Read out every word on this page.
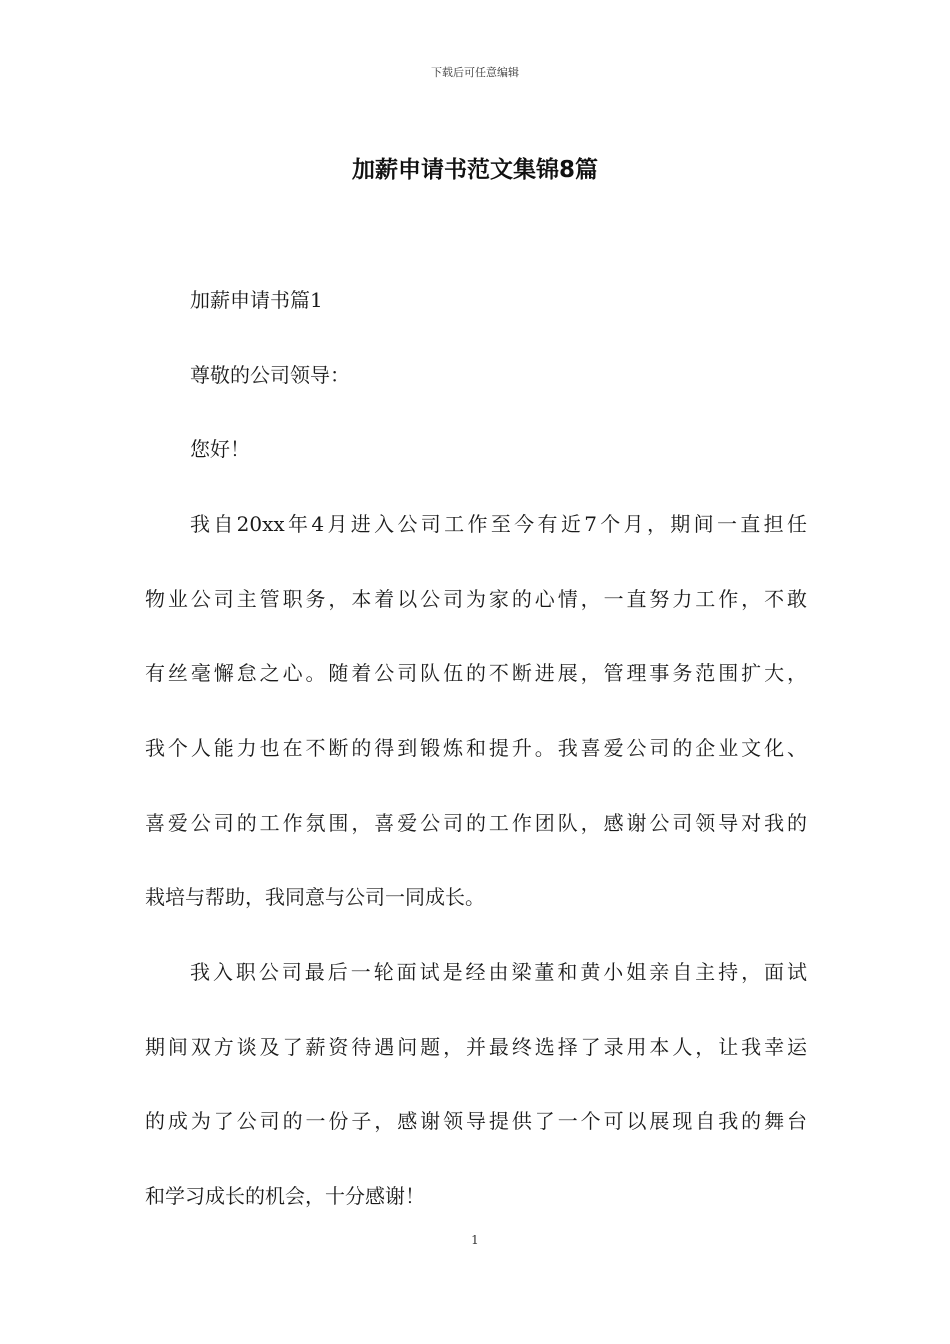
下载后可任意编辑
加薪申请书范文集锦8篇
加薪申请书篇1
尊敬的公司领导：
您好！
我自20xx年4月进入公司工作至今有近7个月，期间一直担任
物业公司主管职务，本着以公司为家的心情，一直努力工作，不敢
有丝毫懈怠之心。随着公司队伍的不断进展，管理事务范围扩大，
我个人能力也在不断的得到锻炼和提升。我喜爱公司的企业文化、
喜爱公司的工作氛围，喜爱公司的工作团队，感谢公司领导对我的
栽培与帮助，我同意与公司一同成长。
我入职公司最后一轮面试是经由梁董和黄小姐亲自主持，面试
期间双方谈及了薪资待遇问题，并最终选择了录用本人，让我幸运
的成为了公司的一份子，感谢领导提供了一个可以展现自我的舞台
和学习成长的机会，十分感谢！
1
